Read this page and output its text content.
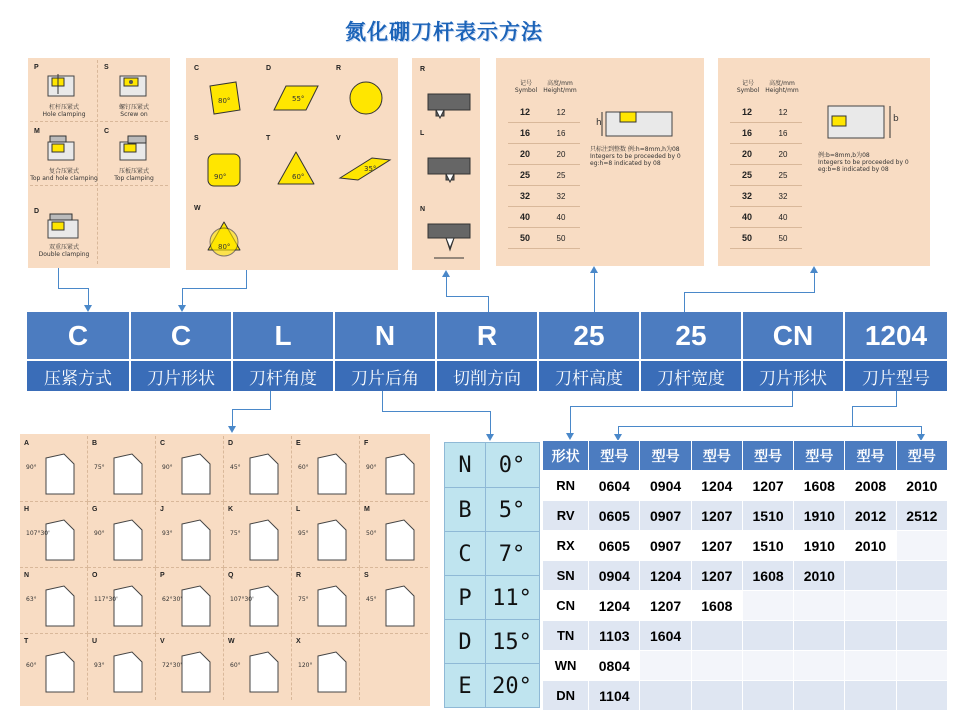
氮化硼刀杆表示方法
P
杠杆压紧式
Hole clamping
S
螺钉压紧式
Screw on
M
复合压紧式
Top and hole clamping
C
压板压紧式
Top clamping
D
双重压紧式
Double clamping
C
80°
D
55°
R
S
90°
T
60°
V
35°
W
80°
R
L
N
记号
Symbol
高度/mm
Height/mm
12	12
16	16
20	20
25	25
32	32
40	40
50	50
h
只标注到整数 例:h=8mm,h为08
Integers to be proceeded by 0
eg:h=8 indicated by 08
记号
Symbol
高度/mm
Height/mm
12	12
16	16
20	20
25	25
32	32
40	40
50	50
b
例:b=8mm,b为08
Integers to be proceeded by 0
eg:b=8 indicated by 08
C	C	L	N	R	25	25	CN	1204
压紧方式	刀片形状	刀杆角度	刀片后角	切削方向	刀杆高度	刀杆宽度	刀片形状	刀片型号
A
90°
B
75°
C
90°
D
45°
E
60°
F
90°
H
107°30'
G
90°
J
93°
K
75°
L
95°
M
50°
N
63°
O
117°30'
P
62°30'
Q
107°30'
R
75°
S
45°
T
60°
U
93°
V
72°30'
W
60°
X
120°
N	0°
B	5°
C	7°
P 11°
D 15°
E 20°
形状	型号	型号	型号	型号	型号	型号	型号
RN	0604	0904	1204	1207	1608	2008	2010
RV	0605	0907	1207	1510	1910	2012	2512
RX	0605	0907	1207	1510	1910	2010	
SN	0904	1204	1207	1608	2010		
CN	1204	1207	1608				
TN	1103	1604					
WN	0804						
DN	1104						
